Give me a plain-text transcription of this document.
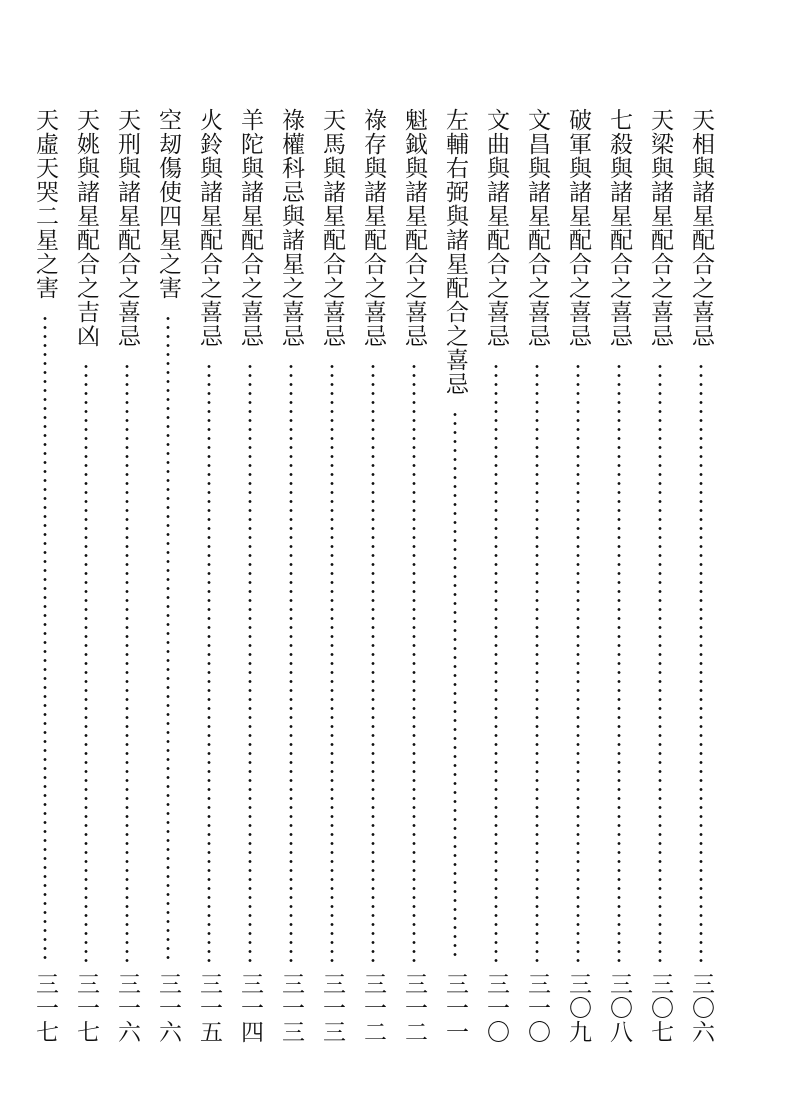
天相與諸星配合之喜忌
三〇六
天梁與諸星配合之喜忌
三〇七
七殺與諸星配合之喜忌
三〇八
破軍與諸星配合之喜忌
三〇九
文昌與諸星配合之喜忌
三一〇
文曲與諸星配合之喜忌
三一〇
左輔右弼與諸星配合之喜忌
三一一
魁鉞與諸星配合之喜忌
三一二
祿存與諸星配合之喜忌
三一二
天馬與諸星配合之喜忌
三一三
祿權科忌與諸星之喜忌
三一三
羊陀與諸星配合之喜忌
三一四
火鈴與諸星配合之喜忌
三一五
空刼傷使四星之害
三一六
天刑與諸星配合之喜忌
三一六
天姚與諸星配合之吉凶
三一七
天虛天哭二星之害
三一七
